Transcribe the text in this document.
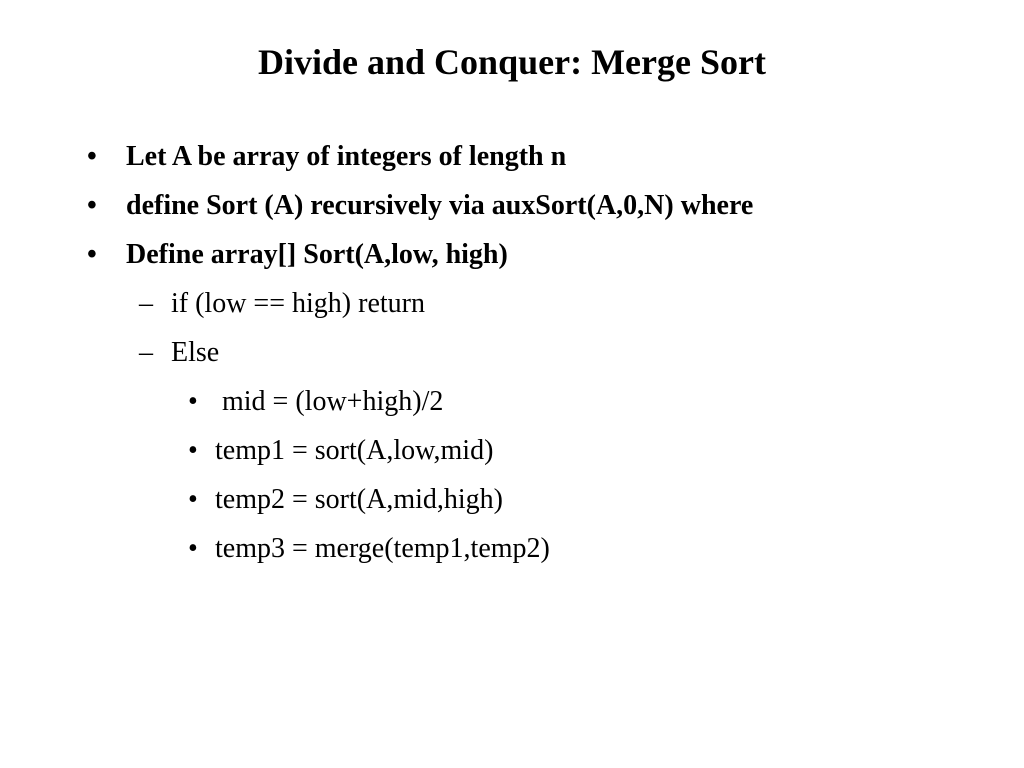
Divide and Conquer: Merge Sort
• Let A be array of integers of length n
• define Sort (A) recursively via auxSort(A,0,N) where
• Define array[] Sort(A,low, high)
– if (low == high) return
– Else
• mid = (low+high)/2
• temp1 = sort(A,low,mid)
• temp2 = sort(A,mid,high)
• temp3 = merge(temp1,temp2)
